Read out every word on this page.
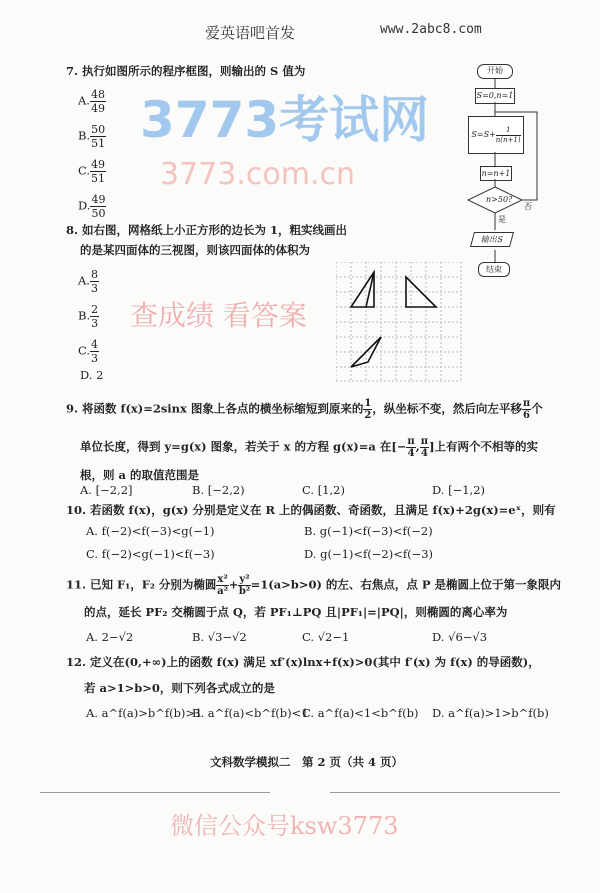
爱英语吧首发	www.2abc8.com
7. 执行如图所示的程序框图，则输出的 S 值为
A. $\frac{48}{49}$
B. $\frac{50}{51}$
C. $\frac{49}{51}$
D. $\frac{49}{50}$
开始
S=0,n=1
$S=S+ \frac{1}{n(n+1)}$
n=n+1
n>50?
否
是
输出S
结束
8. 如右图，网格纸上小正方形的边长为 1，粗实线画出
的是某四面体的三视图，则该四面体的体积为
A. $\frac{8}{3}$
B. $\frac{2}{3}$
C. $\frac{4}{3}$
D. 2
9. 将函数 f(x)=2sinx 图象上各点的横坐标缩短到原来的 $\frac{1}{2}$ ，纵坐标不变，然后向左平移 $\frac{\pi}{6}$ 个
单位长度，得到 y=g(x) 图象，若关于 x 的方程 g(x)=a 在[− $\frac{\pi}{4}$ , $\frac{\pi}{4}$ ]上有两个不相等的实
根，则 a 的取值范围是
A. [−2,2]	B. [−2,2)	C. [1,2)	D. [−1,2)
10. 若函数 f(x)，g(x) 分别是定义在 R 上的偶函数、奇函数，且满足 f(x)+2g(x)=eˣ，则有
A. f(−2)<f(−3)<g(−1)	B. g(−1)<f(−3)<f(−2)
C. f(−2)<g(−1)<f(−3)	D. g(−1)<f(−2)<f(−3)
11. 已知 F₁，F₂ 分别为椭圆 $\frac{\text{x²}}{\text{a²}} + \frac{\text{y²}}{\text{b²}} =1(a>b>0)$ 的左、右焦点，点 P 是椭圆上位于第一象限内
的点，延长 PF₂ 交椭圆于点 Q，若 PF₁⊥PQ 且|PF₁|=|PQ|，则椭圆的离心率为
A. 2−√2	B. √3−√2	C. √2−1	D. √6−√3
12. 定义在(0,+∞)上的函数 f(x) 满足 xf′(x)lnx+f(x)>0(其中 f′(x) 为 f(x) 的导函数)，
若 a>1>b>0，则下列各式成立的是
A. a^f(a)>b^f(b)>1
B. a^f(a)<b^f(b)<1
C. a^f(a)<1<b^f(b) D. a^f(a)>1>b^f(b)
文科数学模拟二　第 2 页（共 4 页）
3773考试网
3773.com.cn
查成绩 看答案
微信公众号ksw3773
